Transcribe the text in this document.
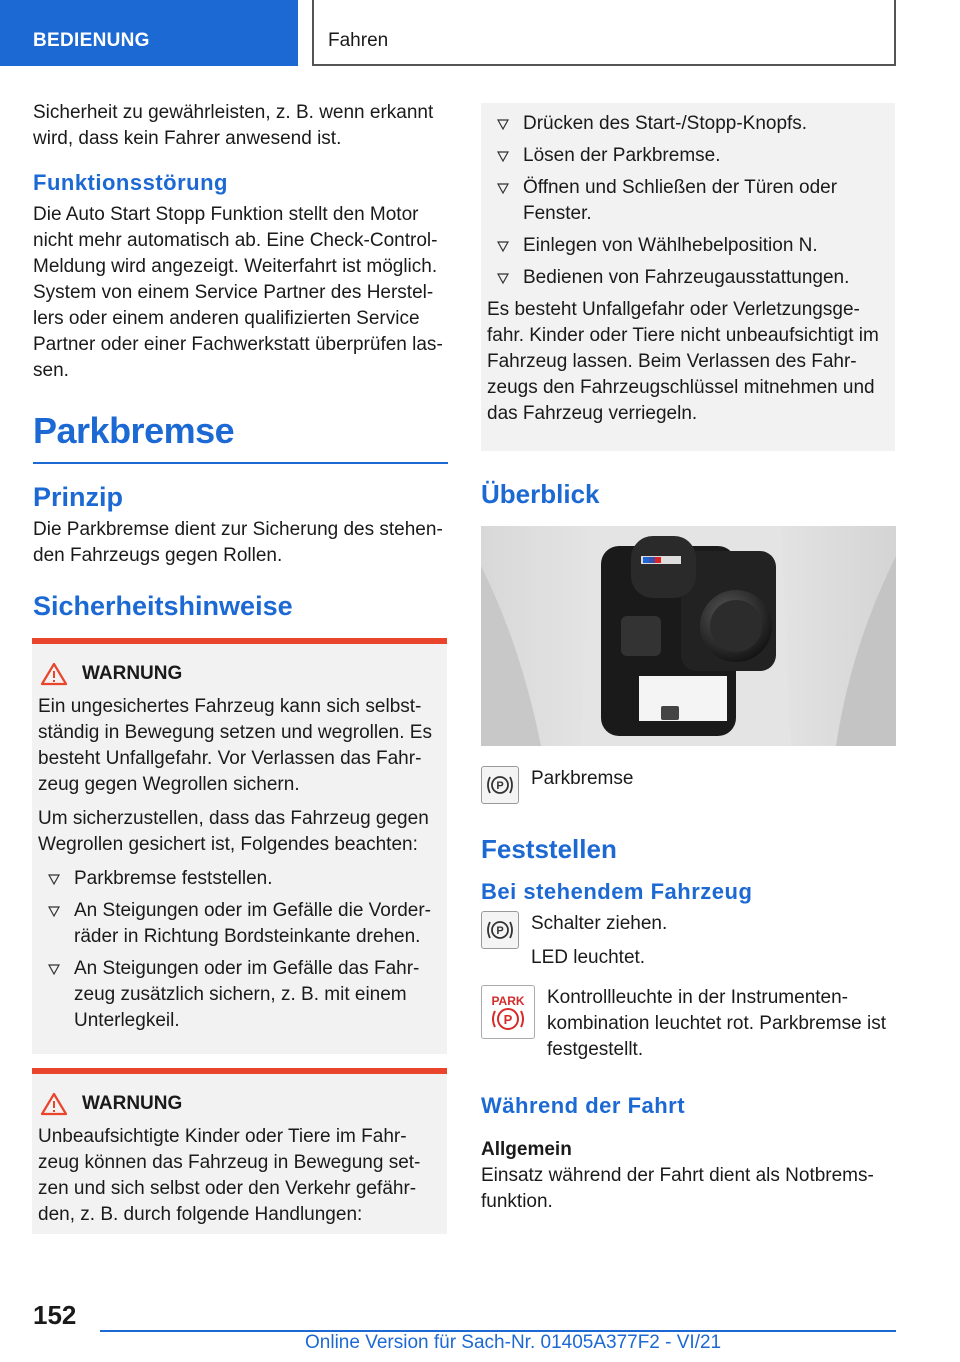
BEDIENUNG	Fahren

Sicherheit zu gewährleisten, z. B. wenn erkannt wird, dass kein Fahrer anwesend ist.

Funktionsstörung

Die Auto Start Stopp Funktion stellt den Motor nicht mehr automatisch ab. Eine Check-Control-Meldung wird angezeigt. Weiterfahrt ist möglich. System von einem Service Partner des Herstellers oder einem anderen qualifizierten Service Partner oder einer Fachwerkstatt überprüfen lassen.

Parkbremse
Prinzip

Die Parkbremse dient zur Sicherung des stehenden Fahrzeugs gegen Rollen.

Sicherheitshinweise
WARNUNG

Ein ungesichertes Fahrzeug kann sich selbstständig in Bewegung setzen und wegrollen. Es besteht Unfallgefahr. Vor Verlassen das Fahrzeug gegen Wegrollen sichern.

Um sicherzustellen, dass das Fahrzeug gegen Wegrollen gesichert ist, Folgendes beachten:

Parkbremse feststellen.
An Steigungen oder im Gefälle die Vorderräder in Richtung Bordsteinkante drehen.
An Steigungen oder im Gefälle das Fahrzeug zusätzlich sichern, z. B. mit einem Unterlegkeil.
WARNUNG

Unbeaufsichtigte Kinder oder Tiere im Fahrzeug können das Fahrzeug in Bewegung setzen und sich selbst oder den Verkehr gefährden, z. B. durch folgende Handlungen:

Drücken des Start-/Stopp-Knopfs.
Lösen der Parkbremse.
Öffnen und Schließen der Türen oder Fenster.
Einlegen von Wählhebelposition N.
Bedienen von Fahrzeugausstattungen.

Es besteht Unfallgefahr oder Verletzungsgefahr. Kinder oder Tiere nicht unbeaufsichtigt im Fahrzeug lassen. Beim Verlassen des Fahrzeugs den Fahrzeugschlüssel mitnehmen und das Fahrzeug verriegeln.

Überblick
P Parkbremse

Feststellen
Bei stehendem Fahrzeug
P Schalter ziehen.

LED leuchtet.

PARK
P

Kontrollleuchte in der Instrumentenkombination leuchtet rot. Parkbremse ist festgestellt.

Während der Fahrt
Allgemein

Einsatz während der Fahrt dient als Notbremsfunktion.

152
Online Version für Sach-Nr. 01405A377F2 - VI/21
